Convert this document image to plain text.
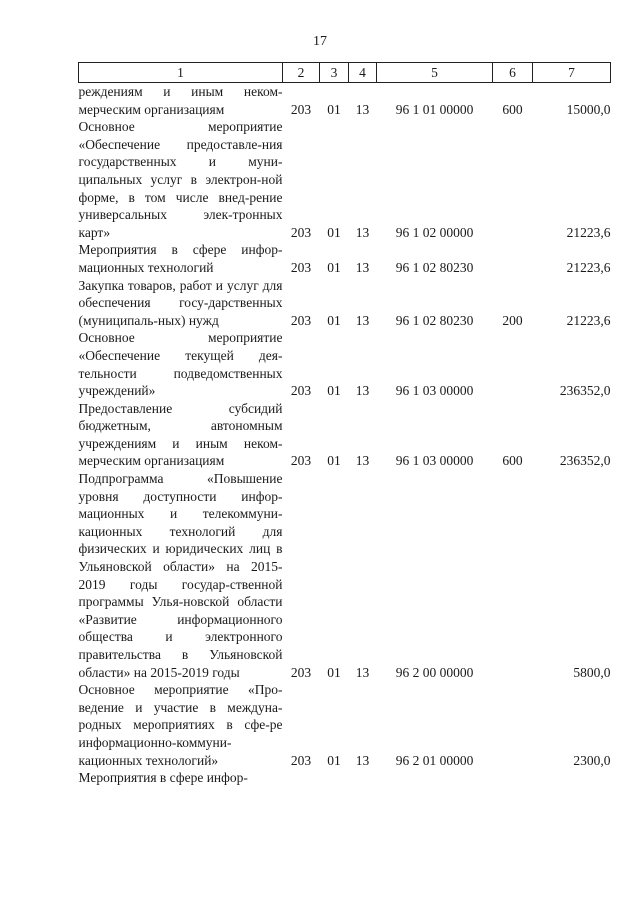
17
1	2	3	4	5	6	7

реждениям и иным неком-мерческим организациям	203	01	13	96 1 01 00000	600	15000,0

Основное мероприятие «Обеспечение предоставле-ния государственных и муни-ципальных услуг в электрон-ной форме, в том числе внед-рение универсальных элек-тронных карт»	203	01	13	96 1 02 00000		21223,6

Мероприятия в сфере инфор-мационных технологий	203	01	13	96 1 02 80230		21223,6

Закупка товаров, работ и услуг для обеспечения госу-дарственных (муниципаль-ных) нужд	203	01	13	96 1 02 80230	200	21223,6

Основное мероприятие «Обеспечение текущей дея-тельности подведомственных учреждений»	203	01	13	96 1 03 00000		236352,0

Предоставление субсидий бюджетным, автономным учреждениям и иным неком-мерческим организациям	203	01	13	96 1 03 00000	600	236352,0

Подпрограмма «Повышение уровня доступности инфор-мационных и телекоммуни-кационных технологий для физических и юридических лиц в Ульяновской области» на 2015-2019 годы государ-ственной программы Улья-новской области «Развитие информационного общества и электронного правительства в Ульяновской области» на 2015-2019 годы	203	01	13	96 2 00 00000		5800,0

Основное мероприятие «Про-ведение и участие в междуна-родных мероприятиях в сфе-ре информационно-коммуни-кационных технологий»	203	01	13	96 2 01 00000		2300,0

Мероприятия в сфере инфор-						
